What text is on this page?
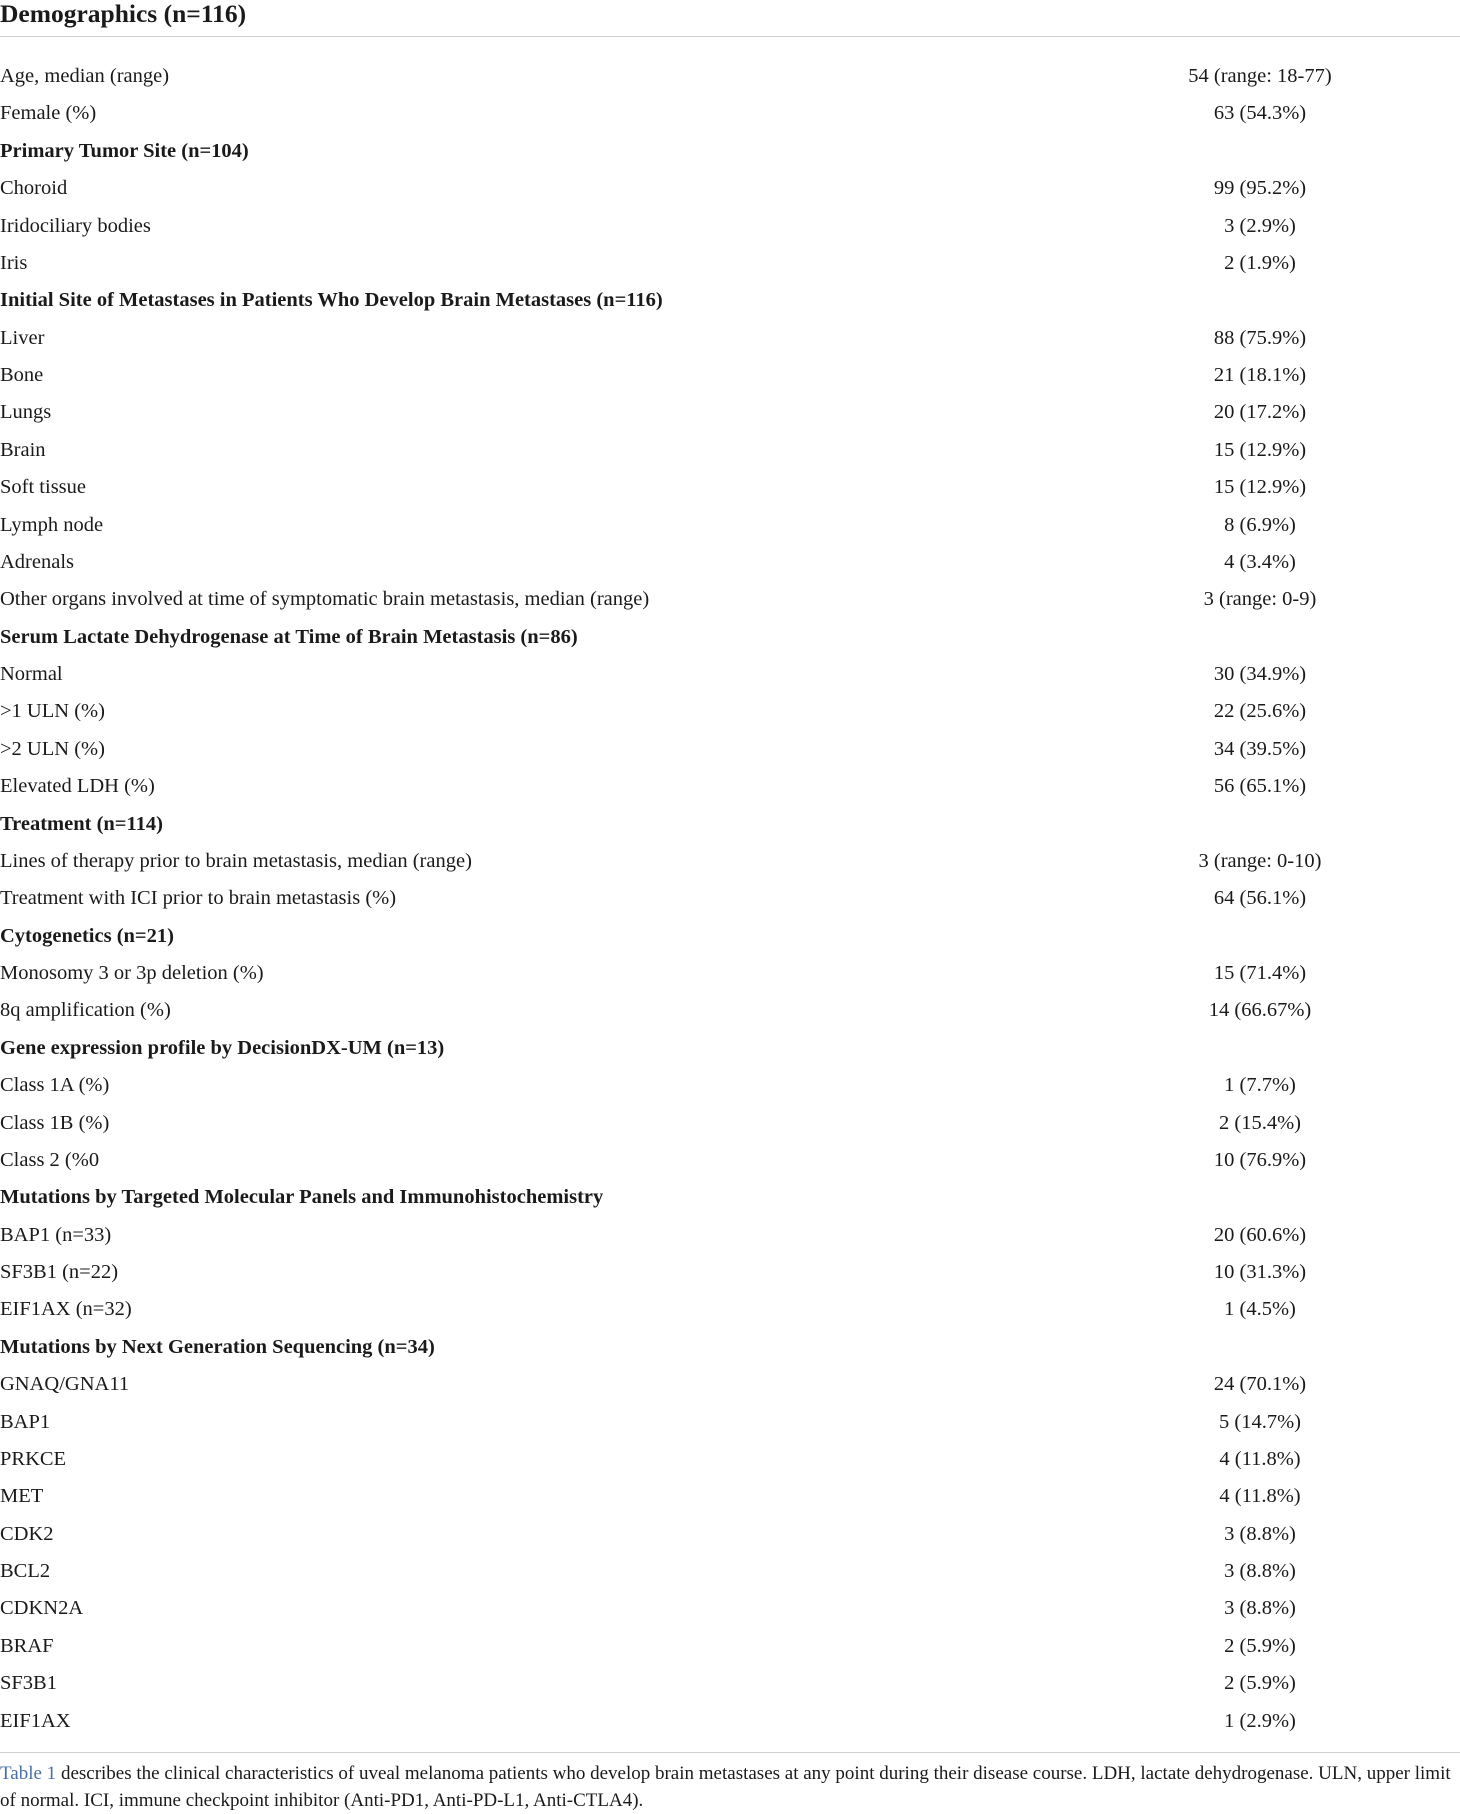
Demographics (n=116)
Age, median (range)	54 (range: 18-77)
Female (%)	63 (54.3%)
Primary Tumor Site (n=104)
Choroid	99 (95.2%)
Iridociliary bodies	3 (2.9%)
Iris	2 (1.9%)
Initial Site of Metastases in Patients Who Develop Brain Metastases (n=116)
Liver	88 (75.9%)
Bone	21 (18.1%)
Lungs	20 (17.2%)
Brain	15 (12.9%)
Soft tissue	15 (12.9%)
Lymph node	8 (6.9%)
Adrenals	4 (3.4%)
Other organs involved at time of symptomatic brain metastasis, median (range)	3 (range: 0-9)
Serum Lactate Dehydrogenase at Time of Brain Metastasis (n=86)
Normal	30 (34.9%)
>1 ULN (%)	22 (25.6%)
>2 ULN (%)	34 (39.5%)
Elevated LDH (%)	56 (65.1%)
Treatment (n=114)
Lines of therapy prior to brain metastasis, median (range)	3 (range: 0-10)
Treatment with ICI prior to brain metastasis (%)	64 (56.1%)
Cytogenetics (n=21)
Monosomy 3 or 3p deletion (%)	15 (71.4%)
8q amplification (%)	14 (66.67%)
Gene expression profile by DecisionDX-UM (n=13)
Class 1A (%)	1 (7.7%)
Class 1B (%)	2 (15.4%)
Class 2 (%0	10 (76.9%)
Mutations by Targeted Molecular Panels and Immunohistochemistry
BAP1 (n=33)	20 (60.6%)
SF3B1 (n=22)	10 (31.3%)
EIF1AX (n=32)	1 (4.5%)
Mutations by Next Generation Sequencing (n=34)
GNAQ/GNA11	24 (70.1%)
BAP1	5 (14.7%)
PRKCE	4 (11.8%)
MET	4 (11.8%)
CDK2	3 (8.8%)
BCL2	3 (8.8%)
CDKN2A	3 (8.8%)
BRAF	2 (5.9%)
SF3B1	2 (5.9%)
EIF1AX	1 (2.9%)
Table 1 describes the clinical characteristics of uveal melanoma patients who develop brain metastases at any point during their disease course. LDH, lactate dehydrogenase. ULN, upper limit of normal. ICI, immune checkpoint inhibitor (Anti-PD1, Anti-PD-L1, Anti-CTLA4).
